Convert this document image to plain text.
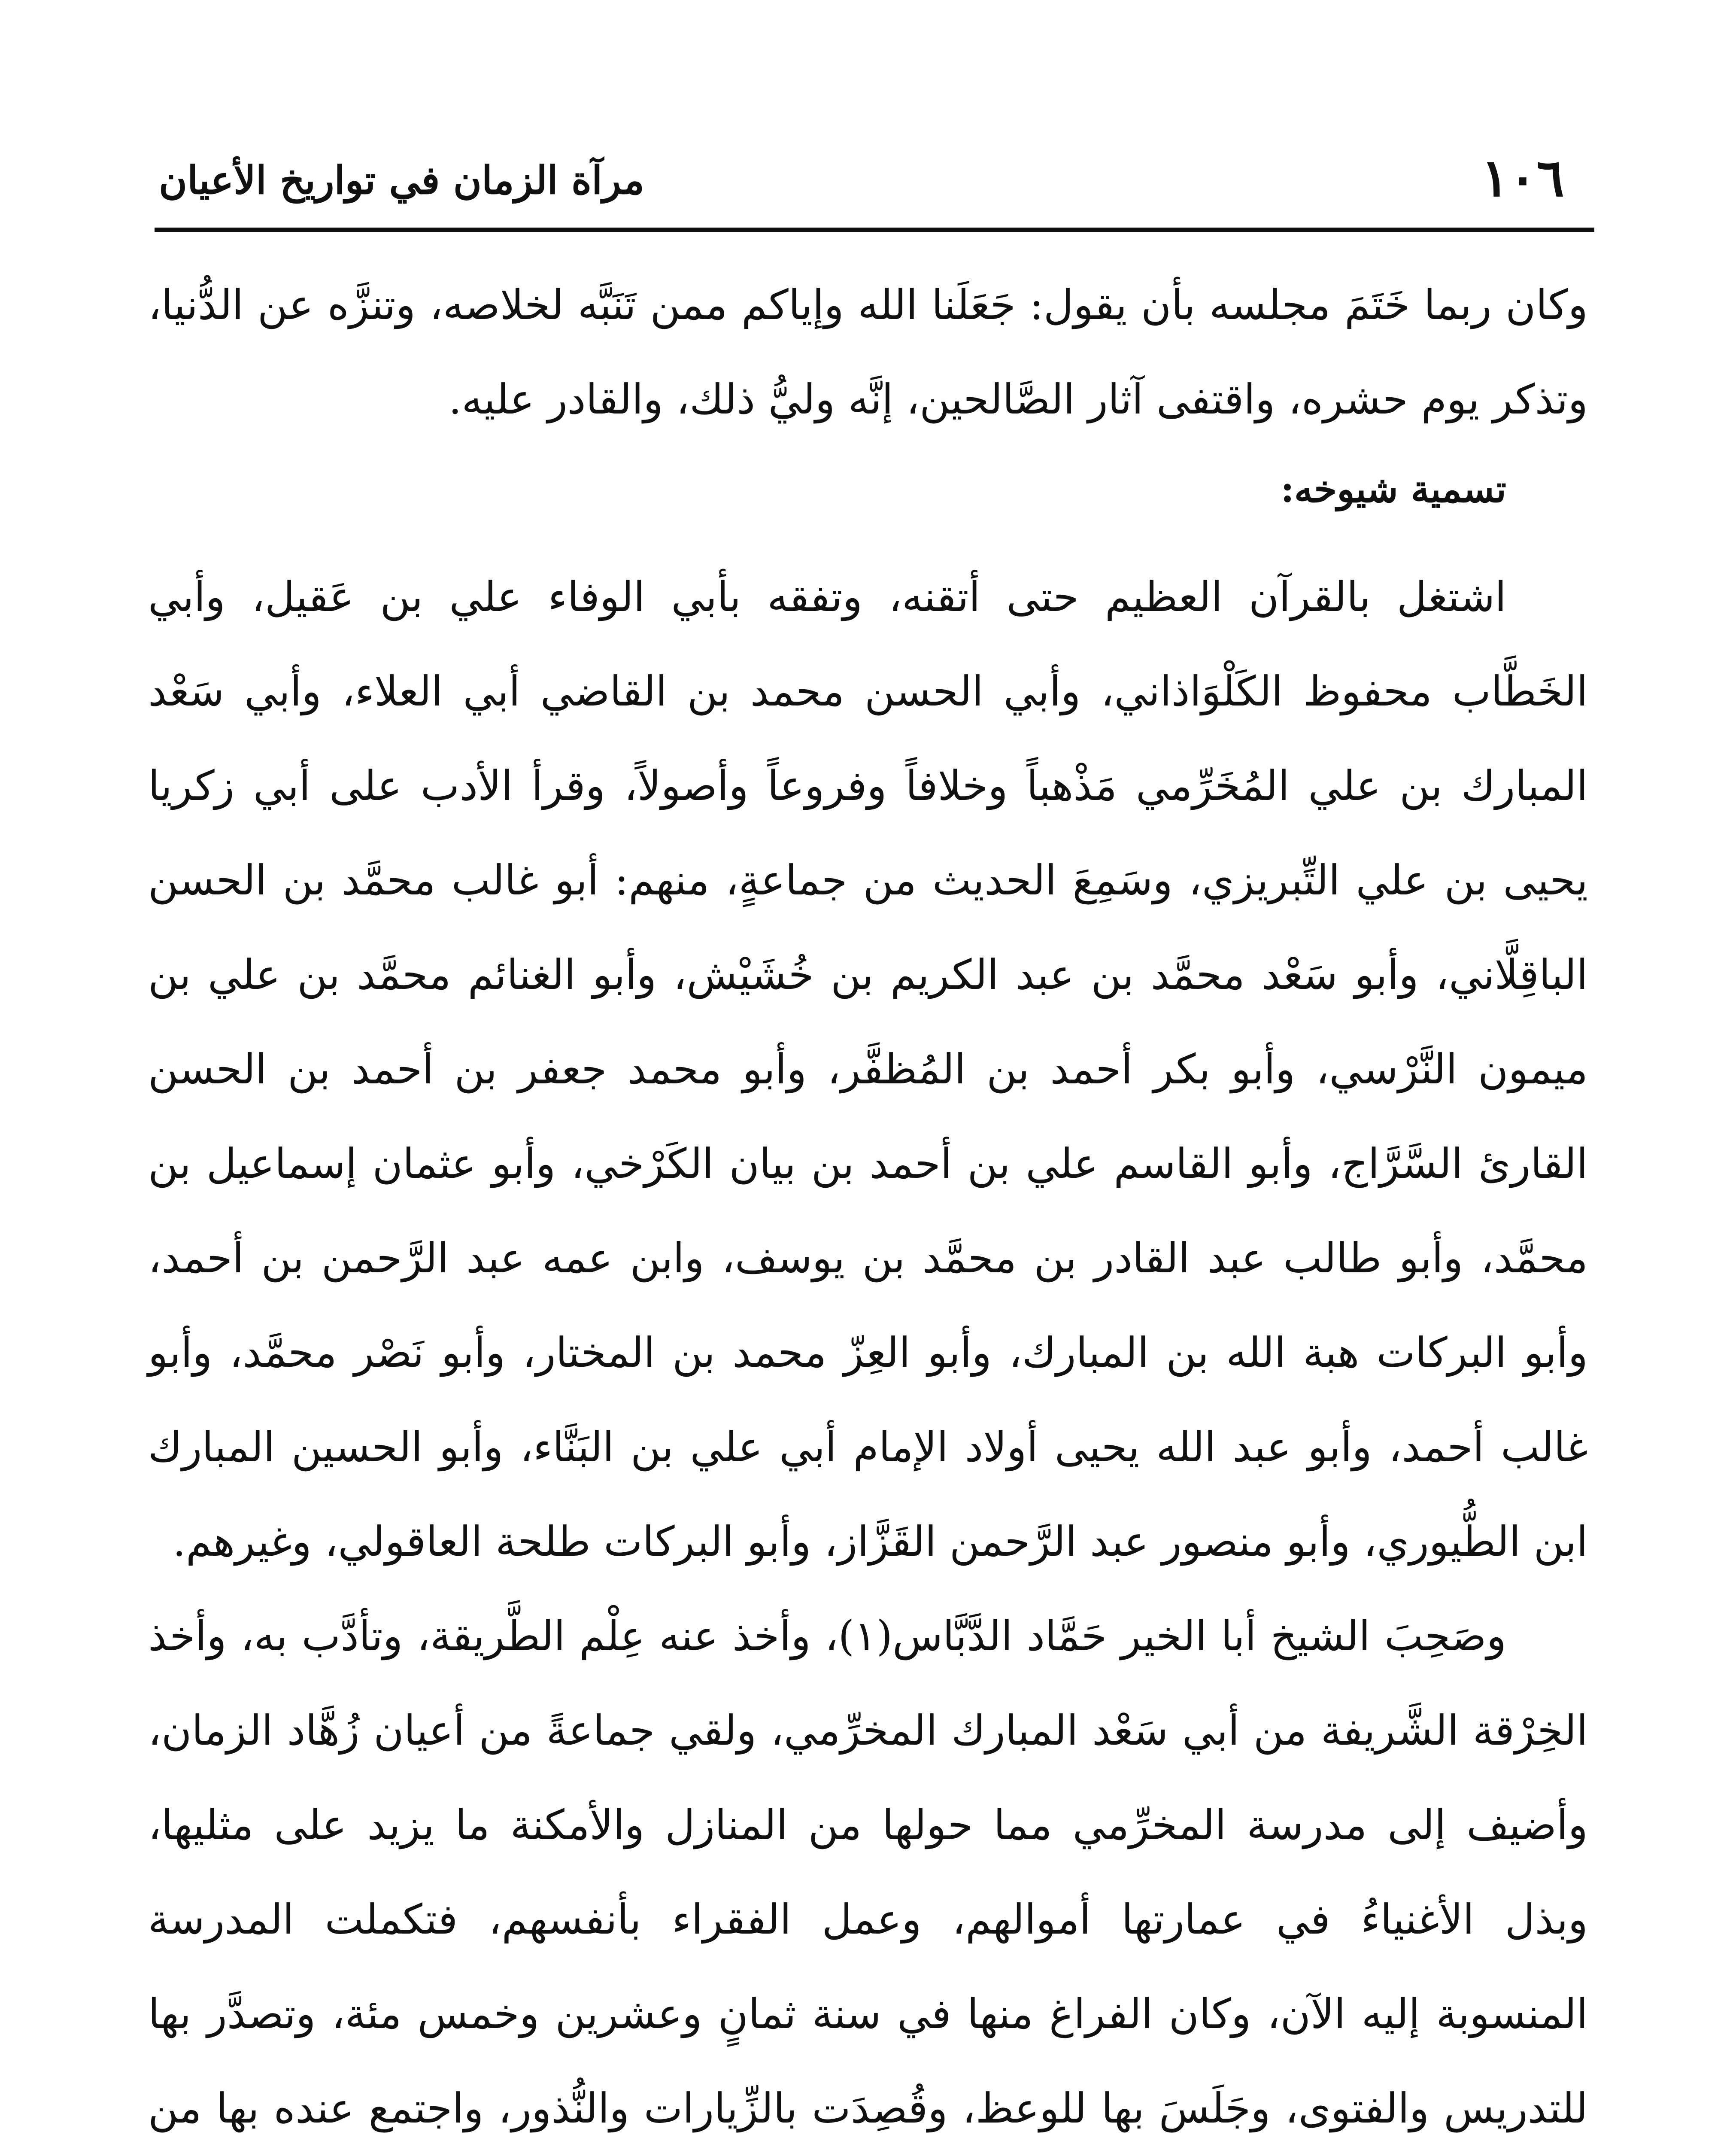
١٠٦
مرآة الزمان في تواريخ الأعيان

وكان ربما خَتَمَ مجلسه بأن يقول: جَعَلَنا الله وإياكم ممن تَنَبَّه لخلاصه، وتنزَّه عن الدُّنيا، وتذكر يوم حشره، واقتفى آثار الصَّالحين، إنَّه وليُّ ذلك، والقادر عليه.

تسمية شيوخه:

اشتغل بالقرآن العظيم حتى أتقنه، وتفقه بأبي الوفاء علي بن عَقيل، وأبي الخَطَّاب محفوظ الكَلْوَاذاني، وأبي الحسن محمد بن القاضي أبي العلاء، وأبي سَعْد المبارك بن علي المُخَرِّمي مَذْهباً وخلافاً وفروعاً وأصولاً، وقرأ الأدب على أبي زكريا يحيى بن علي التِّبريزي، وسَمِعَ الحديث من جماعةٍ، منهم: أبو غالب محمَّد بن الحسن الباقِلَّاني، وأبو سَعْد محمَّد بن عبد الكريم بن خُشَيْش، وأبو الغنائم محمَّد بن علي بن ميمون النَّرْسي، وأبو بكر أحمد بن المُظفَّر، وأبو محمد جعفر بن أحمد بن الحسن القارئ السَّرَّاج، وأبو القاسم علي بن أحمد بن بيان الكَرْخي، وأبو عثمان إسماعيل بن محمَّد، وأبو طالب عبد القادر بن محمَّد بن يوسف، وابن عمه عبد الرَّحمن بن أحمد، وأبو البركات هبة الله بن المبارك، وأبو العِزّ محمد بن المختار، وأبو نَصْر محمَّد، وأبو غالب أحمد، وأبو عبد الله يحيى أولاد الإمام أبي علي بن البَنَّاء، وأبو الحسين المبارك ابن الطُّيوري، وأبو منصور عبد الرَّحمن القَزَّاز، وأبو البركات طلحة العاقولي، وغيرهم.

وصَحِبَ الشيخ أبا الخير حَمَّاد الدَّبَّاس(١)، وأخذ عنه عِلْم الطَّريقة، وتأدَّب به، وأخذ الخِرْقة الشَّريفة من أبي سَعْد المبارك المخرِّمي، ولقي جماعةً من أعيان زُهَّاد الزمان، وأضيف إلى مدرسة المخرِّمي مما حولها من المنازل والأمكنة ما يزيد على مثليها، وبذل الأغنياءُ في عمارتها أموالهم، وعمل الفقراء بأنفسهم، فتكملت المدرسة المنسوبة إليه الآن، وكان الفراغ منها في سنة ثمانٍ وعشرين وخمس مئة، وتصدَّر بها للتدريس والفتوى، وجَلَسَ بها للوعظ، وقُصِدَت بالزِّيارات والنُّذور، واجتمع عنده بها من
